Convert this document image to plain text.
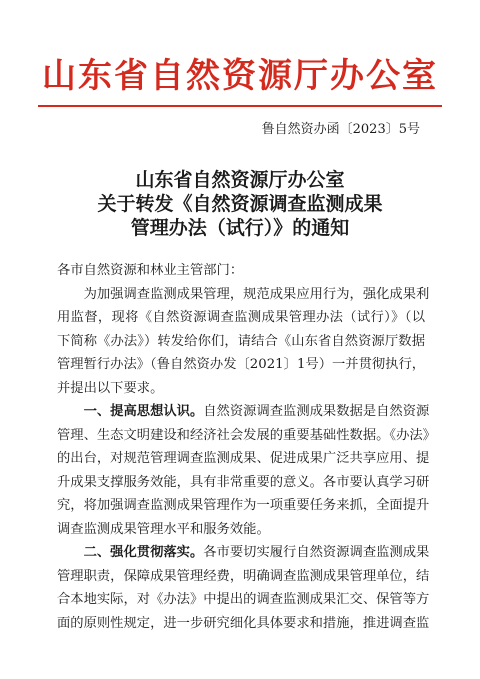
山东省自然资源厅办公室
鲁自然资办函〔2023〕5号
山东省自然资源厅办公室
关于转发《自然资源调查监测成果
管理办法（试行）》的通知

各市自然资源和林业主管部门：

为加强调查监测成果管理，规范成果应用行为，强化成果利
用监督，现将《自然资源调查监测成果管理办法（试行）》（以
下简称《办法》）转发给你们，请结合《山东省自然资源厅数据
管理暂行办法》（鲁自然资办发〔2021〕1号）一并贯彻执行，
并提出以下要求。

一、提高思想认识。自然资源调查监测成果数据是自然资源
管理、生态文明建设和经济社会发展的重要基础性数据。《办法》
的出台，对规范管理调查监测成果、促进成果广泛共享应用、提
升成果支撑服务效能，具有非常重要的意义。各市要认真学习研
究，将加强调查监测成果管理作为一项重要任务来抓，全面提升
调查监测成果管理水平和服务效能。

二、强化贯彻落实。各市要切实履行自然资源调查监测成果
管理职责，保障成果管理经费，明确调查监测成果管理单位，结
合本地实际，对《办法》中提出的调查监测成果汇交、保管等方
面的原则性规定，进一步研究细化具体要求和措施，推进调查监
